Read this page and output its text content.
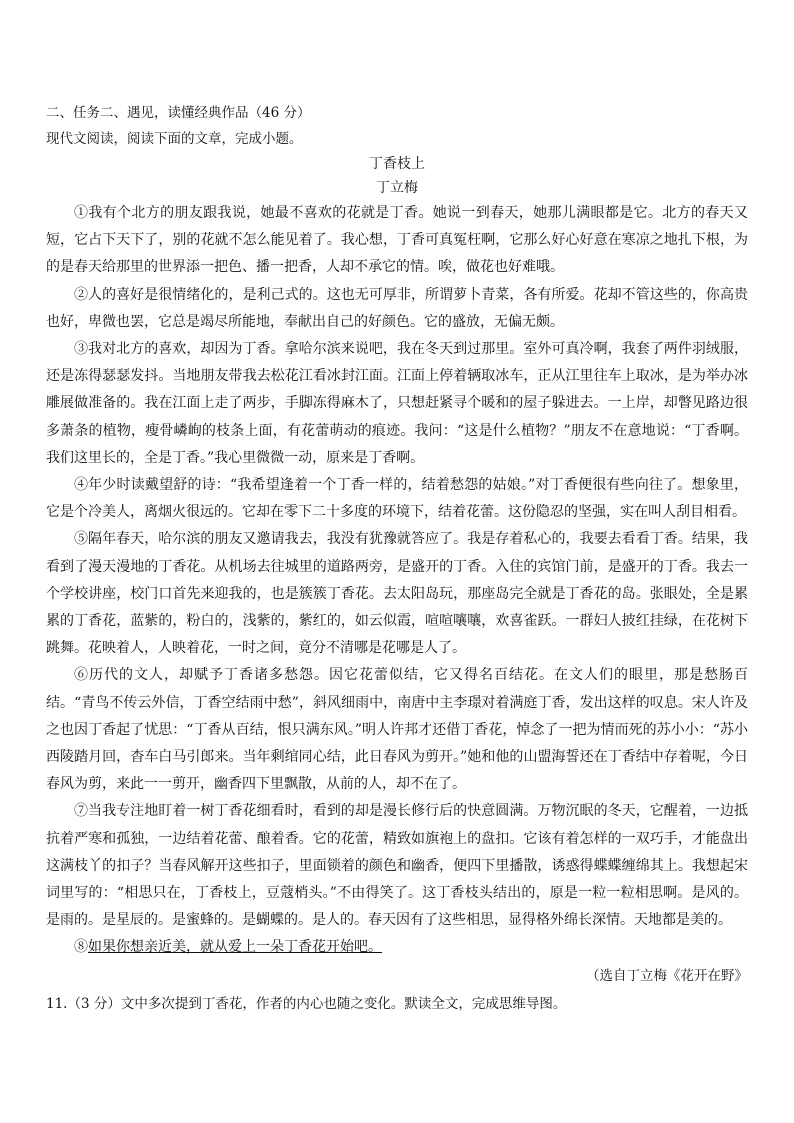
二、任务二、遇见，读懂经典作品（46 分）
现代文阅读，阅读下面的文章，完成小题。
丁香枝上
丁立梅

①我有个北方的朋友跟我说，她最不喜欢的花就是丁香。她说一到春天，她那儿满眼都是它。北方的春天又短，它占下天下了，别的花就不怎么能见着了。我心想，丁香可真冤枉啊，它那么好心好意在寒凉之地扎下根，为的是春天给那里的世界添一把色、播一把香，人却不承它的情。唉，做花也好难哦。

②人的喜好是很情绪化的，是利己式的。这也无可厚非，所谓萝卜青菜，各有所爱。花却不管这些的，你高贵也好，卑微也罢，它总是竭尽所能地，奉献出自己的好颜色。它的盛放，无偏无颇。

③我对北方的喜欢，却因为丁香。拿哈尔滨来说吧，我在冬天到过那里。室外可真冷啊，我套了两件羽绒服，还是冻得瑟瑟发抖。当地朋友带我去松花江看冰封江面。江面上停着辆取冰车，正从江里往车上取冰，是为举办冰雕展做准备的。我在江面上走了两步，手脚冻得麻木了，只想赶紧寻个暖和的屋子躲进去。一上岸，却瞥见路边很多萧条的植物，瘦骨嶙峋的枝条上面，有花蕾萌动的痕迹。我问：“这是什么植物？”朋友不在意地说：“丁香啊。我们这里长的，全是丁香。”我心里微微一动，原来是丁香啊。

④年少时读戴望舒的诗：“我希望逢着一个丁香一样的，结着愁怨的姑娘。”对丁香便很有些向往了。想象里，它是个冷美人，离烟火很远的。它却在零下二十多度的环境下，结着花蕾。这份隐忍的坚强，实在叫人刮目相看。

⑤隔年春天，哈尔滨的朋友又邀请我去，我没有犹豫就答应了。我是存着私心的，我要去看看丁香。结果，我看到了漫天漫地的丁香花。从机场去往城里的道路两旁，是盛开的丁香。入住的宾馆门前，是盛开的丁香。我去一个学校讲座，校门口首先来迎我的，也是簇簇丁香花。去太阳岛玩，那座岛完全就是丁香花的岛。张眼处，全是累累的丁香花，蓝紫的，粉白的，浅紫的，紫红的，如云似霞，喧喧嚷嚷，欢喜雀跃。一群妇人披红挂绿，在花树下跳舞。花映着人，人映着花，一时之间，竟分不清哪是花哪是人了。

⑥历代的文人，却赋予丁香诸多愁怨。因它花蕾似结，它又得名百结花。在文人们的眼里，那是愁肠百结。“青鸟不传云外信，丁香空结雨中愁”，斜风细雨中，南唐中主李璟对着满庭丁香，发出这样的叹息。宋人许及之也因丁香起了忧思：“丁香从百结，恨只满东风。”明人许邦才还借丁香花，悼念了一把为情而死的苏小小：“苏小西陵踏月回，杳车白马引郎来。当年剩绾同心结，此日春风为剪开。”她和他的山盟海誓还在丁香结中存着呢，今日春风为剪，来此一一剪开，幽香四下里飘散，从前的人，却不在了。

⑦当我专注地盯着一树丁香花细看时，看到的却是漫长修行后的快意圆满。万物沉眠的冬天，它醒着，一边抵抗着严寒和孤独，一边结着花蕾、酿着香。它的花蕾，精致如旗袍上的盘扣。它该有着怎样的一双巧手，才能盘出这满枝丫的扣子？当春风解开这些扣子，里面锁着的颜色和幽香，便四下里播散，诱惑得蝶蝶缠绵其上。我想起宋词里写的：“相思只在，丁香枝上，豆蔻梢头。”不由得笑了。这丁香枝头结出的，原是一粒一粒相思啊。是风的。是雨的。是星辰的。是蜜蜂的。是蝴蝶的。是人的。春天因有了这些相思，显得格外绵长深情。天地都是美的。

⑧如果你想亲近美，就从爱上一朵丁香花开始吧。

（选自丁立梅《花开在野》
11.（3 分）文中多次提到丁香花，作者的内心也随之变化。默读全文，完成思维导图。
